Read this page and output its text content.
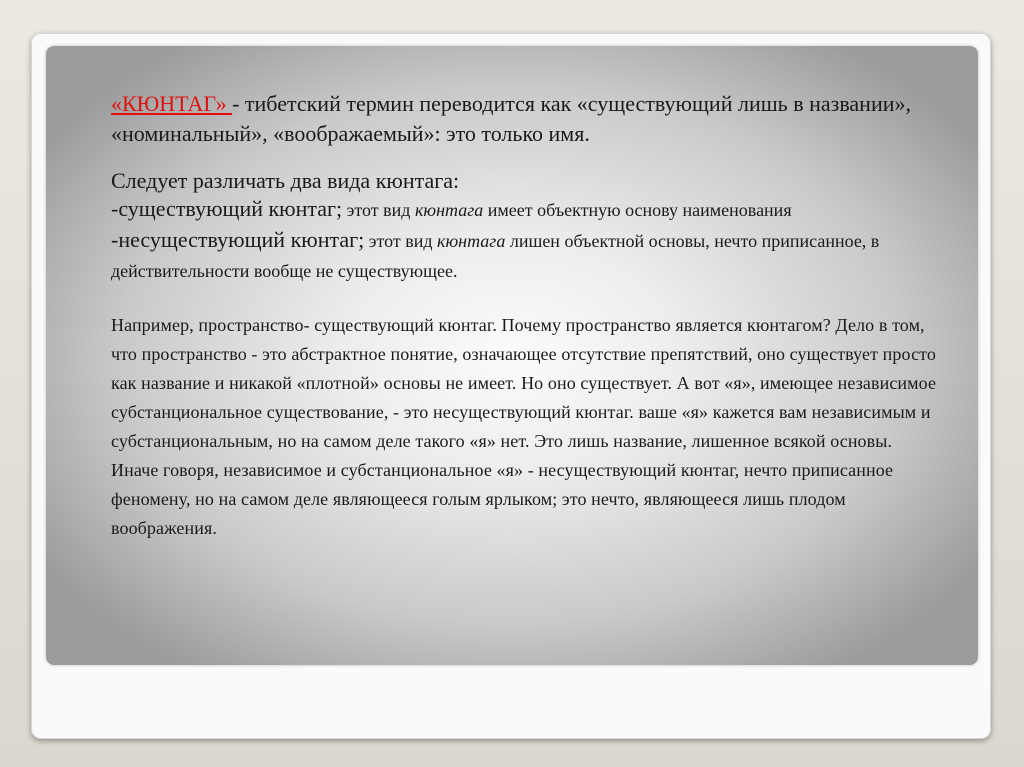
«КЮНТАГ» - тибетский термин переводится как «существующий лишь в названии», «номинальный», «воображаемый»: это только имя.

Следует различать два вида кюнтага:

-существующий кюнтаг; этот вид кюнтага имеет объектную основу наименования

-несуществующий кюнтаг; этот вид кюнтага лишен объектной основы, нечто приписанное, в действительности вообще не существующее.

Например, пространство- существующий кюнтаг. Почему пространство является кюнтагом? Дело в том, что пространство - это абстрактное понятие, означающее отсутствие препятствий, оно существует просто как название и никакой «плотной» основы не имеет. Но оно существует. А вот «я», имеющее независимое субстанциональное существование, - это несуществующий кюнтаг. ваше «я» кажется вам независимым и субстанциональным, но на самом деле такого «я» нет. Это лишь название, лишенное всякой основы. Иначе говоря, независимое и субстанциональное «я» - несуществующий кюнтаг, нечто приписанное феномену, но на самом деле являющееся голым ярлыком; это нечто, являющееся лишь плодом воображения.
